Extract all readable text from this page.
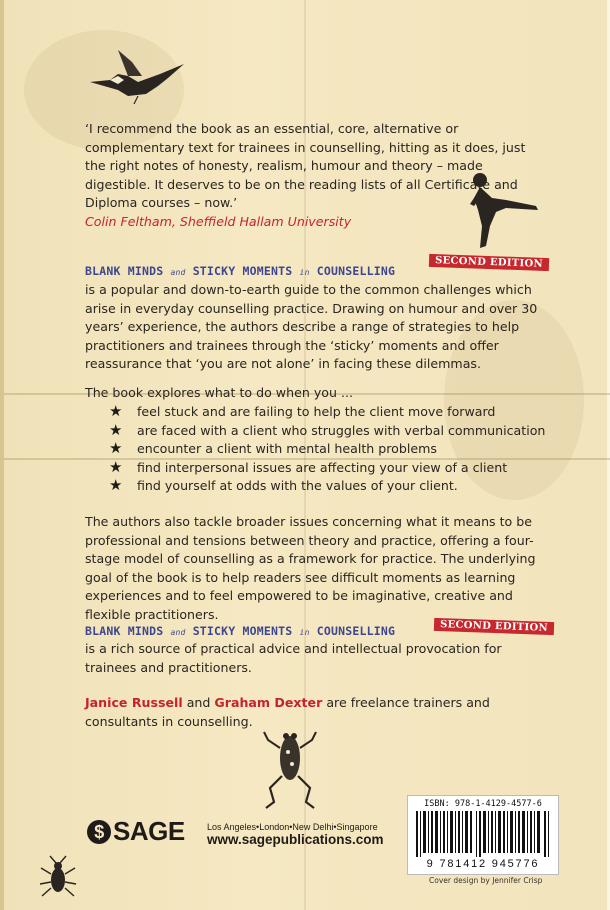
‘I recommend the book as an essential, core, alternative or complementary text for trainees in counselling, hitting as it does, just the right notes of honesty, realism, humour and theory – made digestible. It deserves to be on the reading lists of all Certificate and Diploma courses – now.’
Colin Feltham, Sheffield Hallam University
BLANK MINDS and STICKY MOMENTS in COUNSELLING
SECOND EDITION
is a popular and down-to-earth guide to the common challenges which arise in everyday counselling practice. Drawing on humour and over 30 years’ experience, the authors describe a range of strategies to help practitioners and trainees through the ‘sticky’ moments and offer reassurance that ‘you are not alone’ in facing these dilemmas.
The book explores what to do when you ...
★ feel stuck and are failing to help the client move forward
★ are faced with a client who struggles with verbal communication
★ encounter a client with mental health problems
★ find interpersonal issues are affecting your view of a client
★ find yourself at odds with the values of your client.
The authors also tackle broader issues concerning what it means to be professional and tensions between theory and practice, offering a four-stage model of counselling as a framework for practice. The underlying goal of the book is to help readers see difficult moments as learning experiences and to feel empowered to be imaginative, creative and flexible practitioners.
BLANK MINDS and STICKY MOMENTS in COUNSELLING	SECOND EDITION
is a rich source of practical advice and intellectual provocation for trainees and practitioners.
Janice Russell and Graham Dexter are freelance trainers and consultants in counselling.
$ SAGE Los Angeles•London•New Delhi•Singapore
www.sagepublications.com
ISBN: 978-1-4129-4577-6
9 781412 945776
Cover design by Jennifer Crisp
